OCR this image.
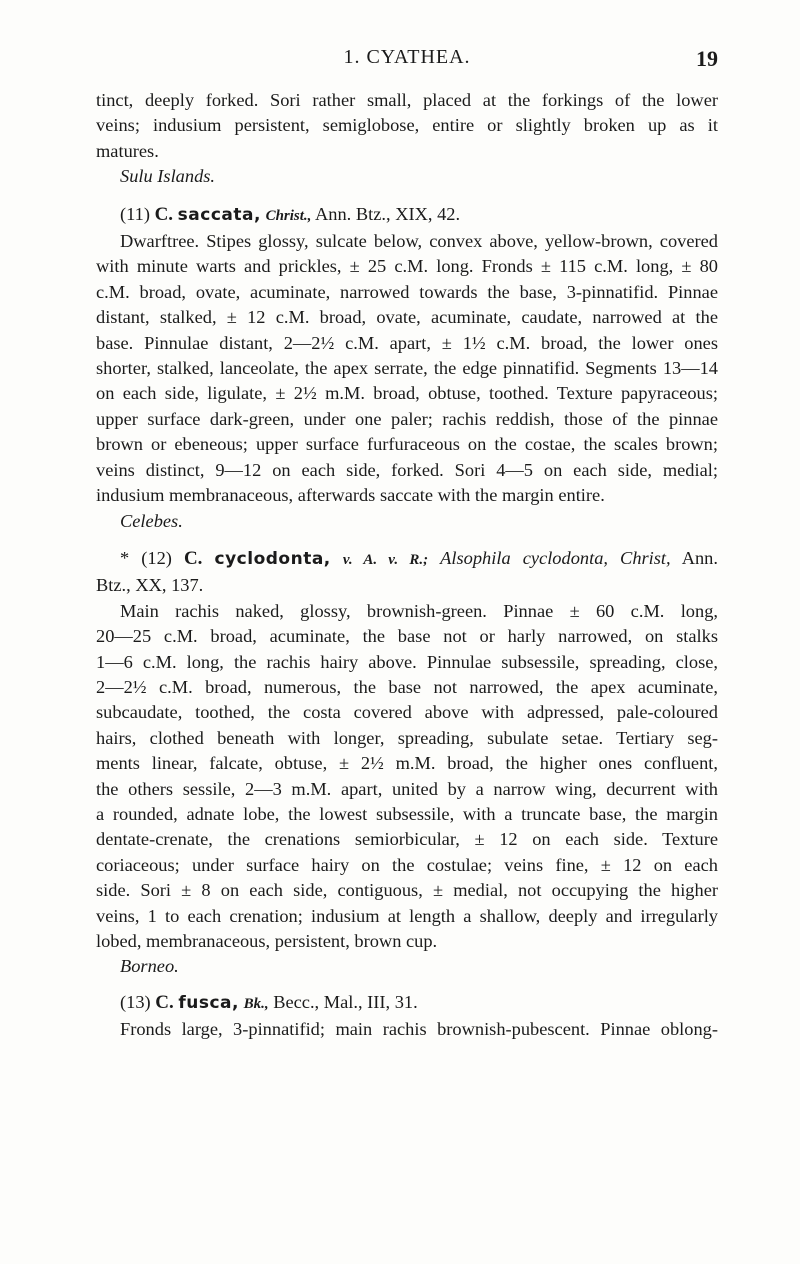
1. CYATHEA.	19

tinct, deeply forked. Sori rather small, placed at the forkings of the lower

veins; indusium persistent, semiglobose, entire or slightly broken up as it

matures.

Sulu Islands.

(11) C. saccata, Christ., Ann. Btz., XIX, 42.

Dwarftree. Stipes glossy, sulcate below, convex above, yellow-brown, covered

with minute warts and prickles, ± 25 c.M. long. Fronds ± 115 c.M. long, ± 80

c.M. broad, ovate, acuminate, narrowed towards the base, 3-pinnatifid. Pinnae

distant, stalked, ± 12 c.M. broad, ovate, acuminate, caudate, narrowed at the

base. Pinnulae distant, 2—2½ c.M. apart, ± 1½ c.M. broad, the lower ones

shorter, stalked, lanceolate, the apex serrate, the edge pinnatifid. Segments 13—14

on each side, ligulate, ± 2½ m.M. broad, obtuse, toothed. Texture papyraceous;

upper surface dark-green, under one paler; rachis reddish, those of the pinnae

brown or ebeneous; upper surface furfuraceous on the costae, the scales brown;

veins distinct, 9—12 on each side, forked. Sori 4—5 on each side, medial;

indusium membranaceous, afterwards saccate with the margin entire.

Celebes.

* (12) C. cyclodonta, v. A. v. R.; Alsophila cyclodonta, Christ, Ann.

Btz., XX, 137.

Main rachis naked, glossy, brownish-green. Pinnae ± 60 c.M. long,

20—25 c.M. broad, acuminate, the base not or harly narrowed, on stalks

1—6 c.M. long, the rachis hairy above. Pinnulae subsessile, spreading, close,

2—2½ c.M. broad, numerous, the base not narrowed, the apex acuminate,

subcaudate, toothed, the costa covered above with adpressed, pale-coloured

hairs, clothed beneath with longer, spreading, subulate setae. Tertiary seg-

ments linear, falcate, obtuse, ± 2½ m.M. broad, the higher ones confluent,

the others sessile, 2—3 m.M. apart, united by a narrow wing, decurrent with

a rounded, adnate lobe, the lowest subsessile, with a truncate base, the margin

dentate-crenate, the crenations semiorbicular, ± 12 on each side. Texture

coriaceous; under surface hairy on the costulae; veins fine, ± 12 on each

side. Sori ± 8 on each side, contiguous, ± medial, not occupying the higher

veins, 1 to each crenation; indusium at length a shallow, deeply and irregularly

lobed, membranaceous, persistent, brown cup.

Borneo.

(13) C. fusca, Bk., Becc., Mal., III, 31.

Fronds large, 3-pinnatifid; main rachis brownish-pubescent. Pinnae oblong-
